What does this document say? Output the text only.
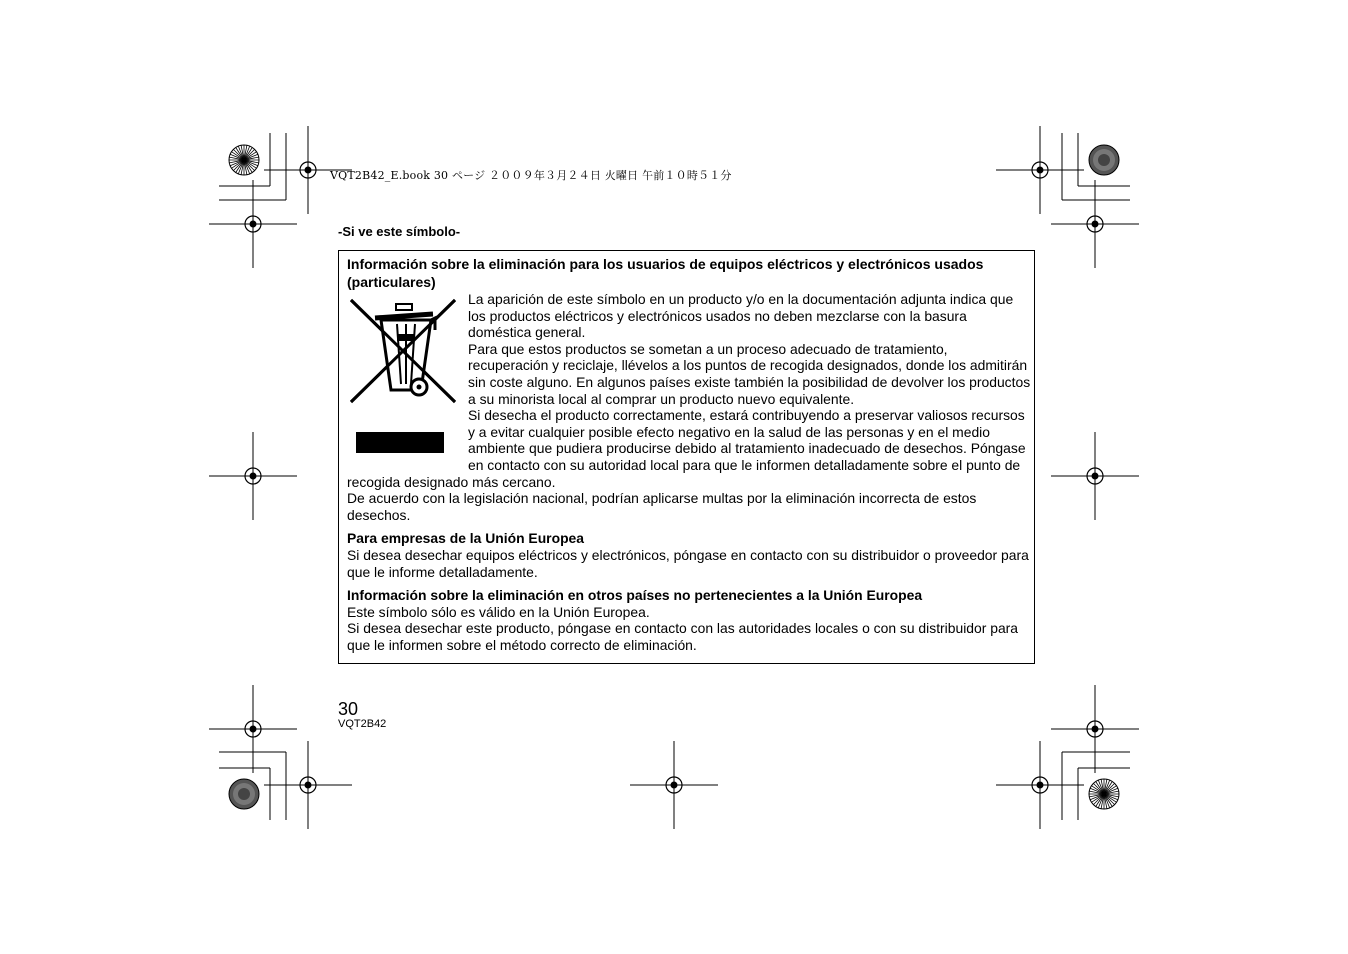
VQT2B42_E.book 30 ページ ２００９年３月２４日 火曜日 午前１０時５１分
-Si ve este símbolo-
Información sobre la eliminación para los usuarios de equipos eléctricos y electrónicos usados (particulares)

La aparición de este símbolo en un producto y/o en la documentación adjunta indica que los productos eléctricos y electrónicos usados no deben mezclarse con la basura doméstica general.

Para que estos productos se sometan a un proceso adecuado de tratamiento, recuperación y reciclaje, llévelos a los puntos de recogida designados, donde los admitirán sin coste alguno. En algunos países existe también la posibilidad de devolver los productos a su minorista local al comprar un producto nuevo equivalente.

Si desecha el producto correctamente, estará contribuyendo a preservar valiosos recursos y a evitar cualquier posible efecto negativo en la salud de las personas y en el medio ambiente que pudiera producirse debido al tratamiento inadecuado de desechos. Póngase en contacto con su autoridad local para que le informen detalladamente sobre el punto de recogida designado más cercano.

De acuerdo con la legislación nacional, podrían aplicarse multas por la eliminación incorrecta de estos desechos.

Para empresas de la Unión Europea

Si desea desechar equipos eléctricos y electrónicos, póngase en contacto con su distribuidor o proveedor para que le informe detalladamente.

Información sobre la eliminación en otros países no pertenecientes a la Unión Europea

Este símbolo sólo es válido en la Unión Europea.

Si desea desechar este producto, póngase en contacto con las autoridades locales o con su distribuidor para que le informen sobre el método correcto de eliminación.

30
VQT2B42
